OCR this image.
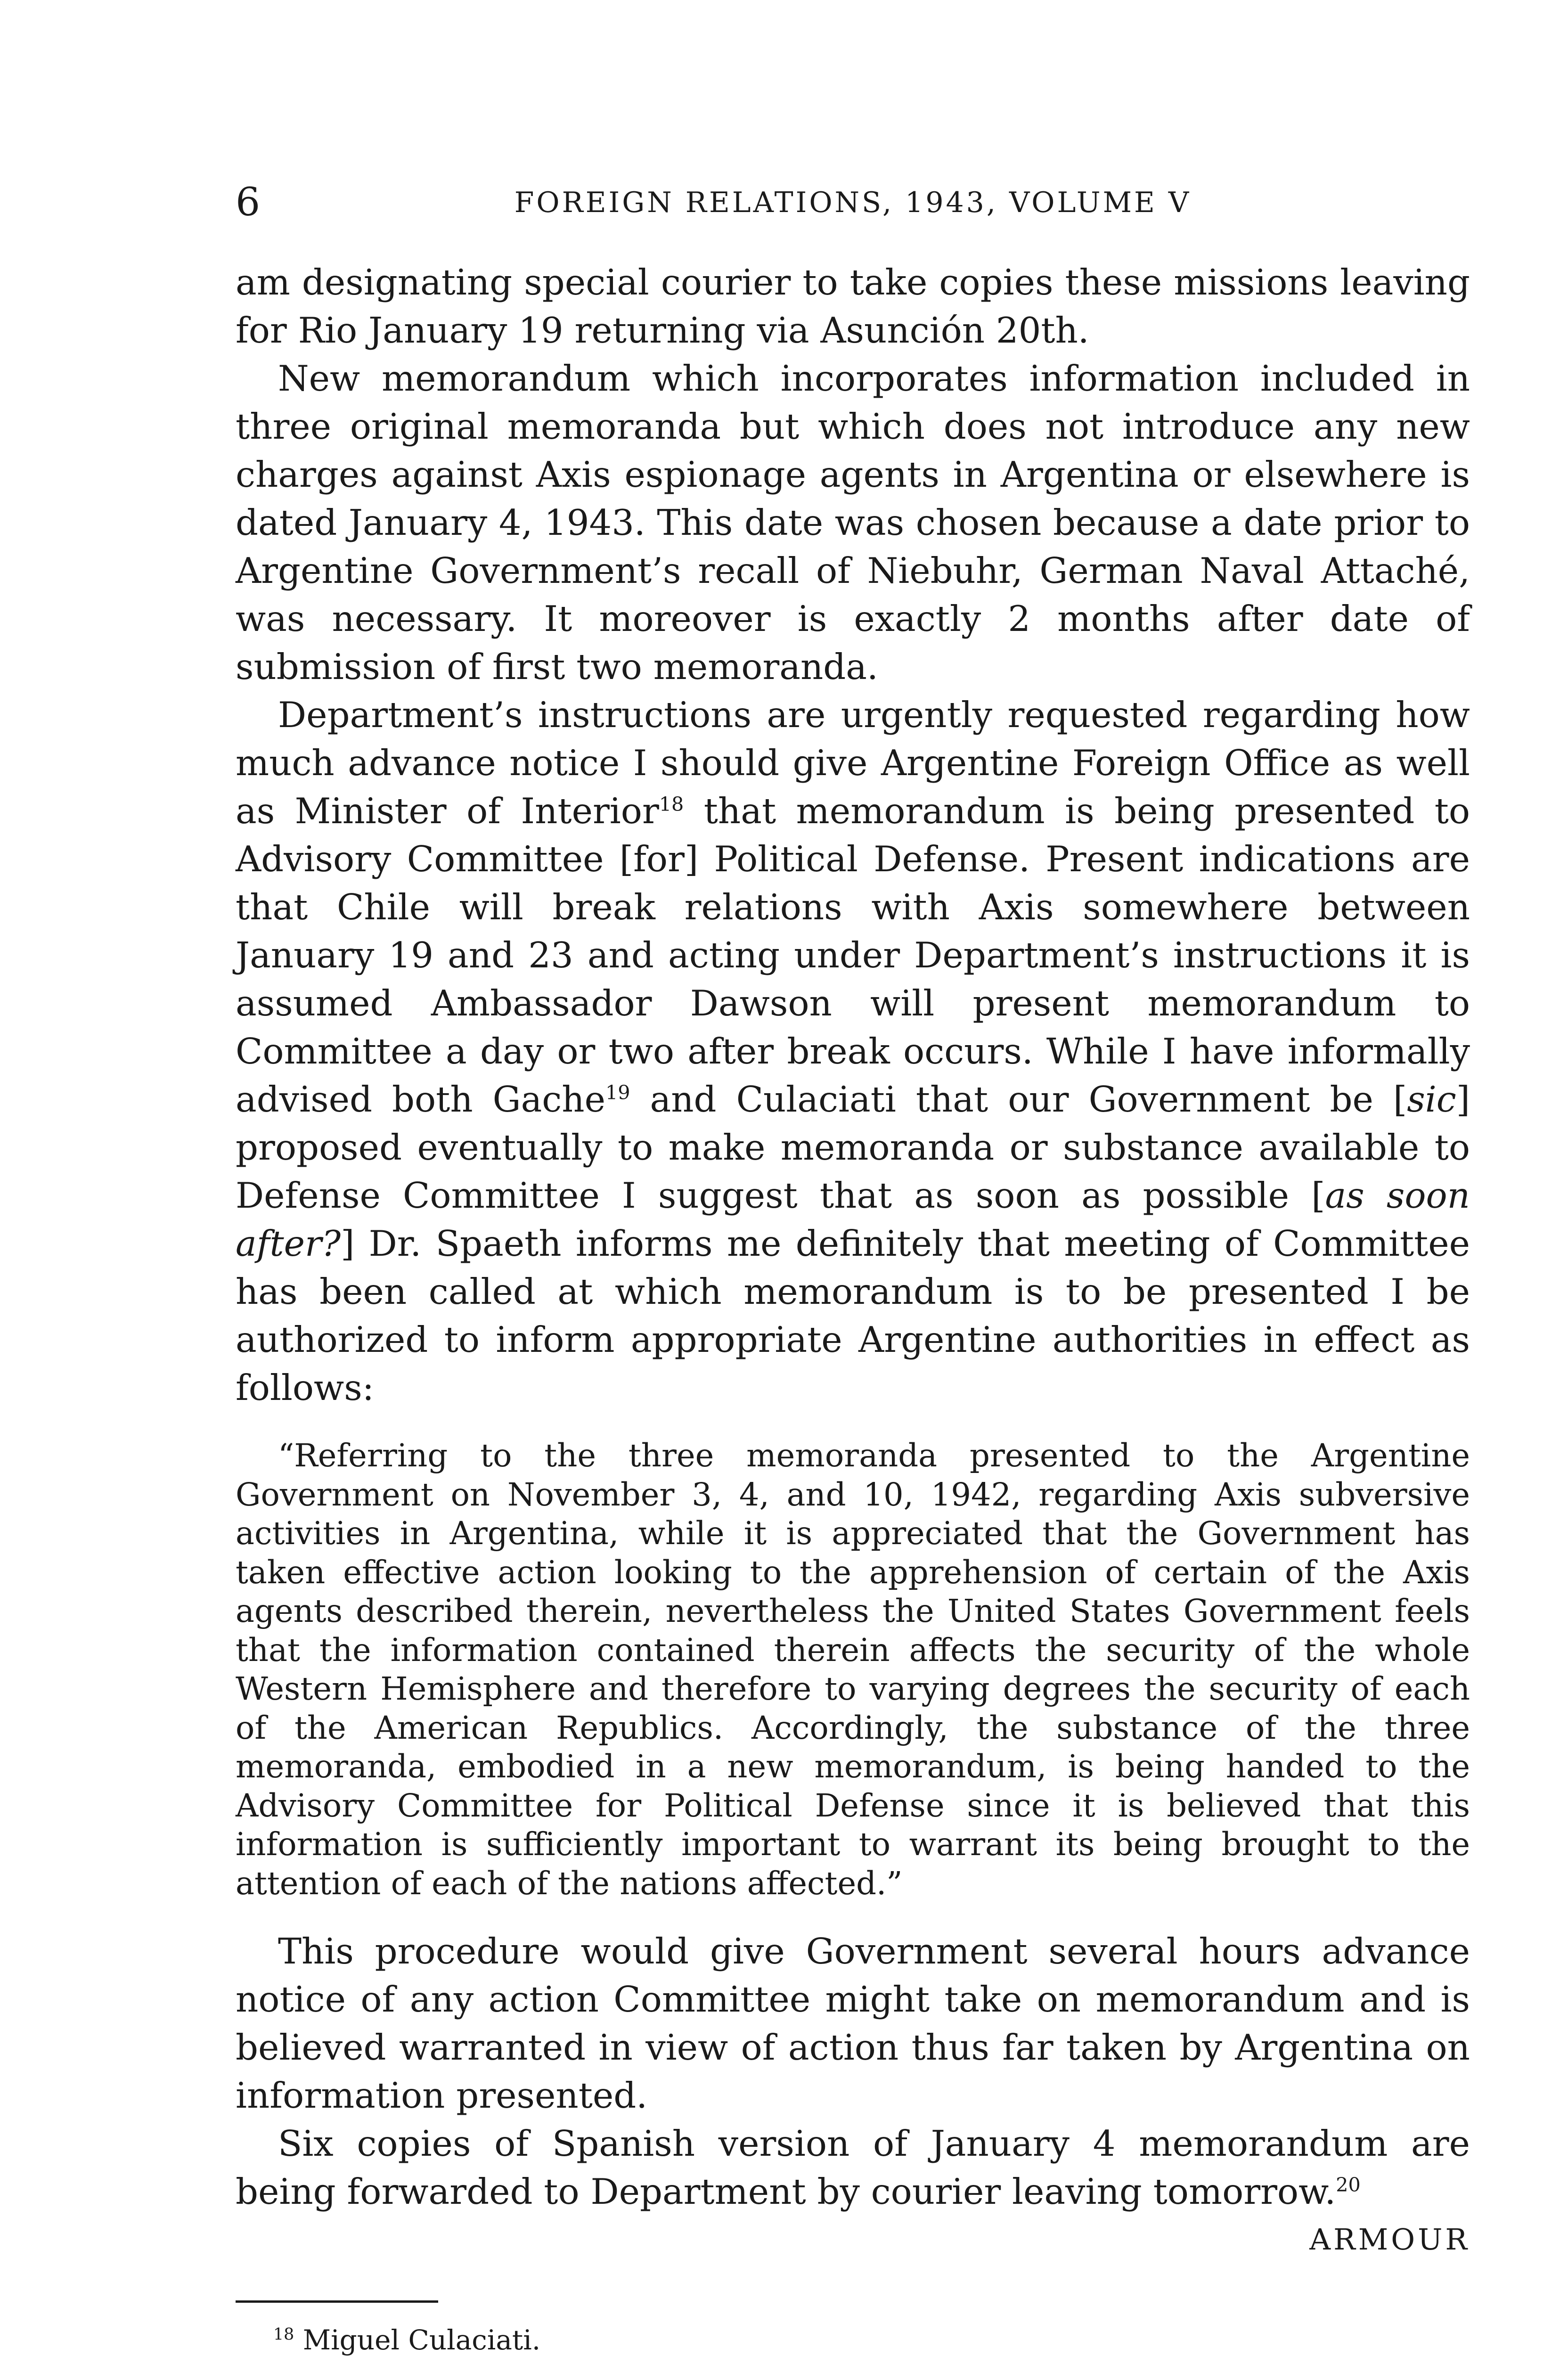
6	FOREIGN RELATIONS, 1943, VOLUME V

am designating special courier to take copies these missions leaving for Rio January 19 returning via Asunción 20th.

New memorandum which incorporates information included in three original memoranda but which does not introduce any new charges against Axis espionage agents in Argentina or elsewhere is dated January 4, 1943. This date was chosen because a date prior to Argentine Government’s recall of Niebuhr, German Naval Attaché, was necessary. It moreover is exactly 2 months after date of submission of first two memoranda.

Department’s instructions are urgently requested regarding how much advance notice I should give Argentine Foreign Office as well as Minister of Interior$^{18}$ that memorandum is being presented to Advisory Committee [for] Political Defense. Present indications are that Chile will break relations with Axis somewhere between January 19 and 23 and acting under Department’s instructions it is assumed Ambassador Dawson will present memorandum to Committee a day or two after break occurs. While I have informally advised both Gache$^{19}$ and Culaciati that our Government be [sic] proposed eventually to make memoranda or substance available to Defense Committee I suggest that as soon as possible [as soon after?] Dr. Spaeth informs me definitely that meeting of Committee has been called at which memorandum is to be presented I be authorized to inform appropriate Argentine authorities in effect as follows:

“Referring to the three memoranda presented to the Argentine Government on November 3, 4, and 10, 1942, regarding Axis subversive activities in Argentina, while it is appreciated that the Government has taken effective action looking to the apprehension of certain of the Axis agents described therein, nevertheless the United States Government feels that the information contained therein affects the security of the whole Western Hemisphere and therefore to varying degrees the security of each of the American Republics. Accordingly, the substance of the three memoranda, embodied in a new memorandum, is being handed to the Advisory Committee for Political Defense since it is believed that this information is sufficiently important to warrant its being brought to the attention of each of the nations affected.”

This procedure would give Government several hours advance notice of any action Committee might take on memorandum and is believed warranted in view of action thus far taken by Argentina on information presented.

Six copies of Spanish version of January 4 memorandum are being forwarded to Department by courier leaving tomorrow.$^{20}$

ARMOUR

$^{18}$ Miguel Culaciati.
